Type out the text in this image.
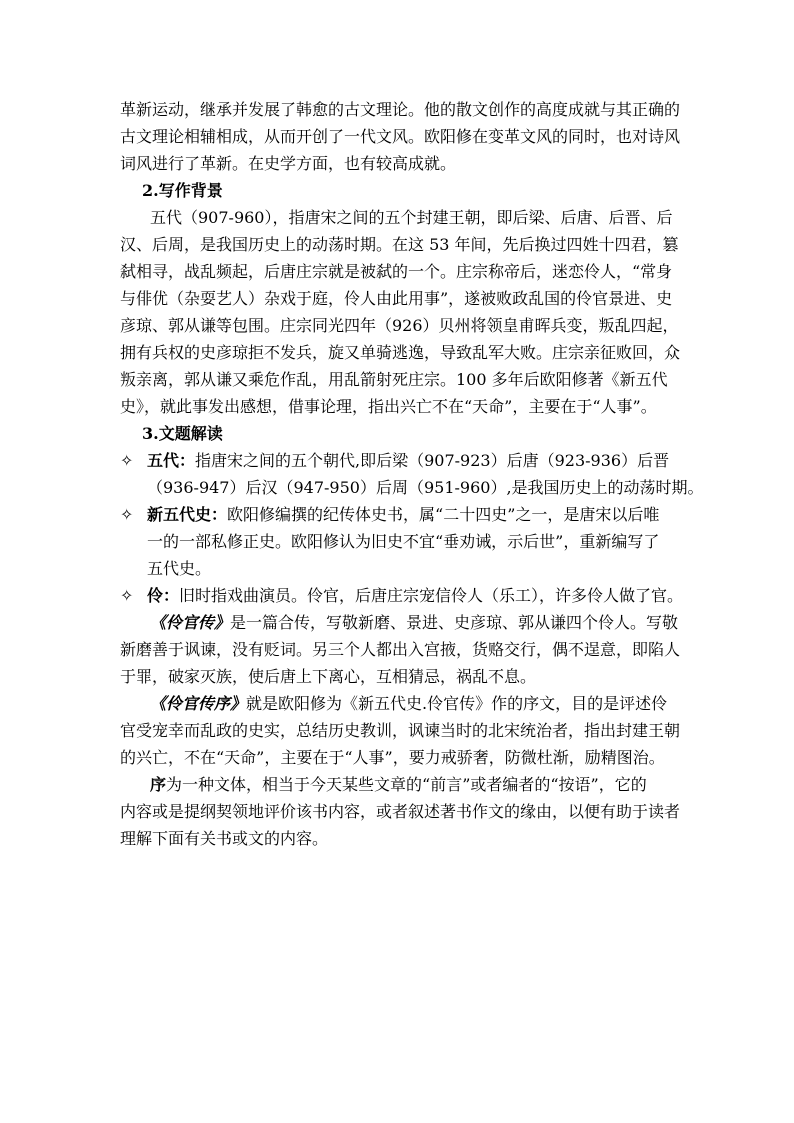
革新运动，继承并发展了韩愈的古文理论。他的散文创作的高度成就与其正确的
古文理论相辅相成，从而开创了一代文风。欧阳修在变革文风的同时，也对诗风
词风进行了革新。在史学方面，也有较高成就。

2.写作背景

五代（907-960），指唐宋之间的五个封建王朝，即后梁、后唐、后晋、后
汉、后周，是我国历史上的动荡时期。在这 53 年间，先后换过四姓十四君，篡
弑相寻，战乱频起，后唐庄宗就是被弑的一个。庄宗称帝后，迷恋伶人，“常身
与俳优（杂耍艺人）杂戏于庭，伶人由此用事”，遂被败政乱国的伶官景进、史
彦琼、郭从谦等包围。庄宗同光四年（926）贝州将领皇甫晖兵变，叛乱四起，
拥有兵权的史彦琼拒不发兵，旋又单骑逃逸，导致乱军大败。庄宗亲征败回，众
叛亲离，郭从谦又乘危作乱，用乱箭射死庄宗。100 多年后欧阳修著《新五代
史》，就此事发出感想，借事论理，指出兴亡不在“天命”，主要在于“人事”。

3.文题解读

✧ 五代：指唐宋之间的五个朝代,即后梁（907-923）后唐（923-936）后晋
（936-947）后汉（947-950）后周（951-960）,是我国历史上的动荡时期。

✧ 新五代史：欧阳修编撰的纪传体史书，属“二十四史”之一，是唐宋以后唯
一的一部私修正史。欧阳修认为旧史不宜“垂劝诫，示后世”，重新编写了
五代史。

✧ 伶：旧时指戏曲演员。伶官，后唐庄宗宠信伶人（乐工），许多伶人做了官。

《伶官传》是一篇合传，写敬新磨、景进、史彦琼、郭从谦四个伶人。写敬
新磨善于讽谏，没有贬词。另三个人都出入宫掖，货赂交行，偶不逞意，即陷人
于罪，破家灭族，使后唐上下离心，互相猜忌，祸乱不息。

《伶官传序》就是欧阳修为《新五代史.伶官传》作的序文，目的是评述伶
官受宠幸而乱政的史实，总结历史教训，讽谏当时的北宋统治者，指出封建王朝
的兴亡，不在“天命”，主要在于“人事”，要力戒骄奢，防微杜渐，励精图治。

序为一种文体，相当于今天某些文章的“前言”或者编者的“按语”，它的
内容或是提纲契领地评价该书内容，或者叙述著书作文的缘由，以便有助于读者
理解下面有关书或文的内容。
